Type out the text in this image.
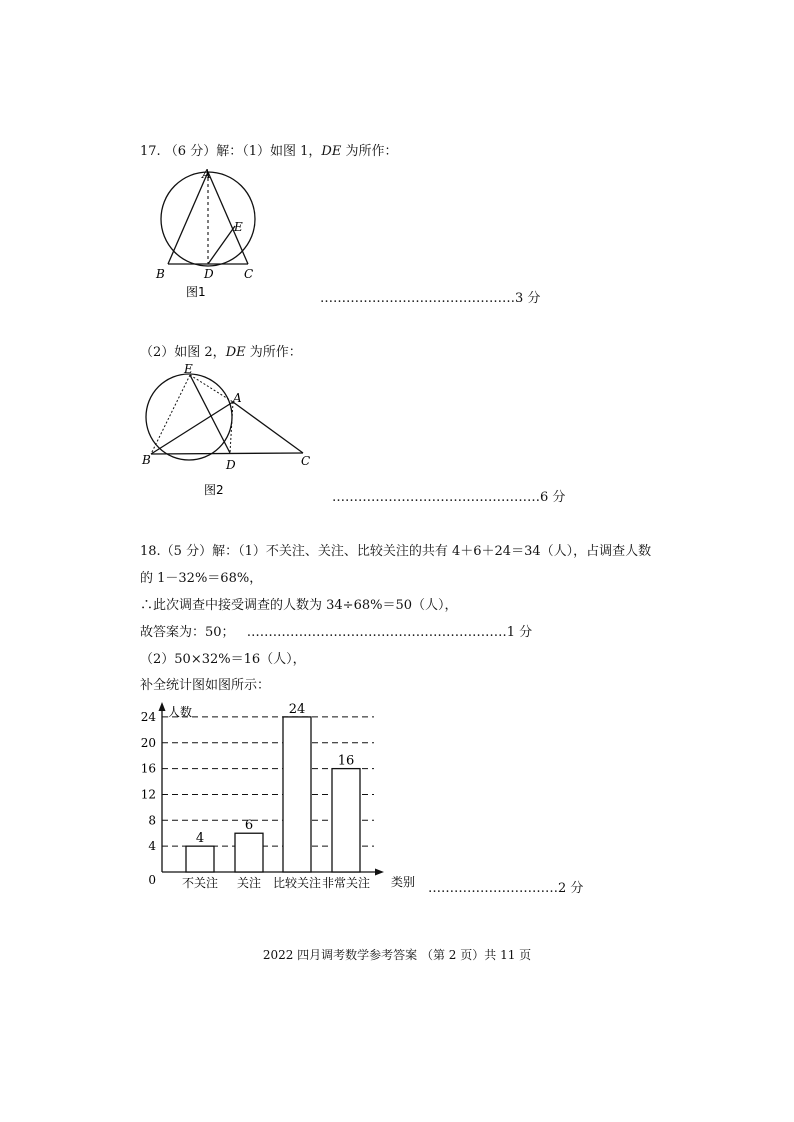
17. （6 分）解：（1）如图 1，DE 为所作：
A
E
B	D	C
图1	………………………………………3 分
（2）如图 2，DE 为所作：
E
A
B	D	C
图2	…………………………………………6 分
18.（5 分）解：（1）不关注、关注、比较关注的共有 4＋6＋24＝34（人），占调查人数
的 1－32%＝68%，
∴此次调查中接受调查的人数为 34÷68%＝50（人），
故答案为：50； ……………………………………………………1 分
（2）50×32%＝16（人），
补全统计图如图所示：
人数
类别
0
4
8
12
16
20
24
4
6
24
16
不关注 关注 比较关注 非常关注	…………………………2 分
2022 四月调考数学参考答案 （第 2 页）共 11 页
